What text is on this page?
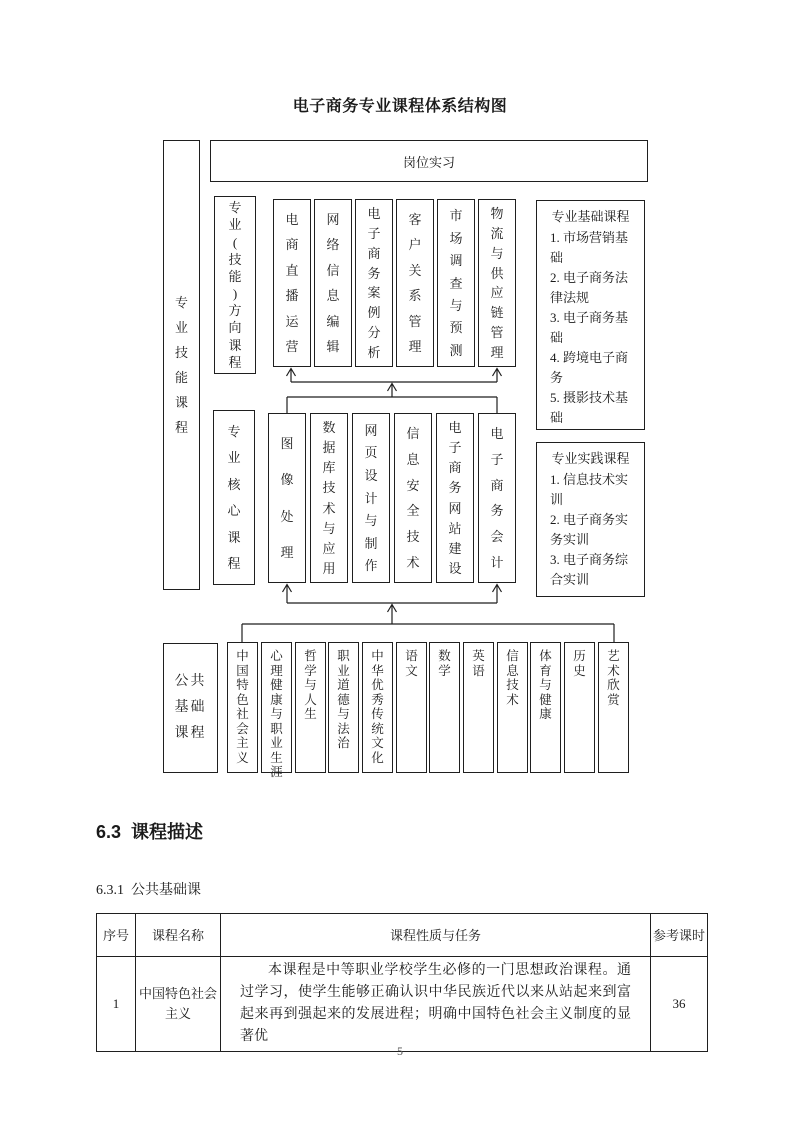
电子商务专业课程体系结构图
专
业
技
能
课
程
岗位实习
专
业
(
技
能
)
方
向
课
程
电
商
直
播
运
营
网
络
信
息
编
辑
电
子
商
务
案
例
分
析
客
户
关
系
管
理
市
场
调
查
与
预
测
物
流
与
供
应
链
管
理
专业基础课程
1. 市场营销基础
2. 电子商务法律法规
3. 电子商务基础
4. 跨境电子商务
5. 摄影技术基础
专
业
核
心
课
程
图
像
处
理
数
据
库
技
术
与
应
用
网
页
设
计
与
制
作
信
息
安
全
技
术
电
子
商
务
网
站
建
设
电
子
商
务
会
计
专业实践课程
1. 信息技术实训
2. 电子商务实务实训
3. 电子商务综合实训
公共基础课程
中
国
特
色
社
会
主
义
心
理
健
康
与
职
业
生
涯
哲
学
与
人
生
职
业
道
德
与
法
治
中
华
优
秀
传
统
文
化
语
文
数
学
英
语
信
息
技
术
体
育
与
健
康
历
史
艺
术
欣
赏
6.3  课程描述
6.3.1  公共基础课
序号	课程名称	课程性质与任务	参考课时
1	中国特色社会主义	本课程是中等职业学校学生必修的一门思想政治课程。通过学习，使学生能够正确认识中华民族近代以来从站起来到富起来再到强起来的发展进程；明确中国特色社会主义制度的显著优	36
5
